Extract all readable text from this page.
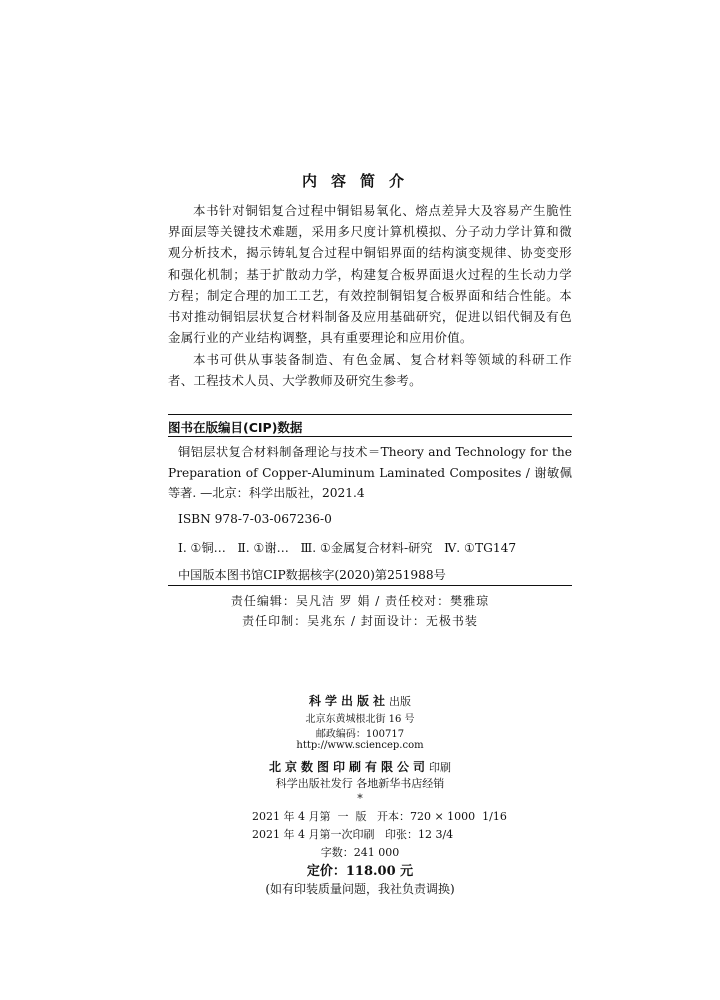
内容简介

本书针对铜铝复合过程中铜铝易氧化、熔点差异大及容易产生脆性界面层等关键技术难题，采用多尺度计算机模拟、分子动力学计算和微观分析技术，揭示铸轧复合过程中铜铝界面的结构演变规律、协变变形和强化机制；基于扩散动力学，构建复合板界面退火过程的生长动力学方程；制定合理的加工工艺，有效控制铜铝复合板界面和结合性能。本书对推动铜铝层状复合材料制备及应用基础研究，促进以铝代铜及有色金属行业的产业结构调整，具有重要理论和应用价值。

本书可供从事装备制造、有色金属、复合材料等领域的科研工作者、工程技术人员、大学教师及研究生参考。

图书在版编目(CIP)数据

铜铝层状复合材料制备理论与技术＝Theory and Technology for the Preparation of Copper-Aluminum Laminated Composites / 谢敏佩等著. —北京：科学出版社，2021.4

ISBN 978-7-03-067236-0
Ⅰ. ①铜…   Ⅱ. ①谢…   Ⅲ. ①金属复合材料-研究   Ⅳ. ①TG147
中国版本图书馆CIP数据核字(2020)第251988号
责任编辑：吴凡洁 罗 娟 / 责任校对：樊雅琼
责任印制：吴兆东 / 封面设计：无极书装
科学出版社出版
北京东黄城根北街 16 号
邮政编码：100717
http://www.sciencep.com
北京数图印刷有限公司印刷
科学出版社发行 各地新华书店经销
*
2021 年 4 月第  一  版   开本：720 × 1000  1/16
2021 年 4 月第一次印刷   印张：12 3/4
字数：241 000
定价：118.00 元
(如有印装质量问题，我社负责调换)
